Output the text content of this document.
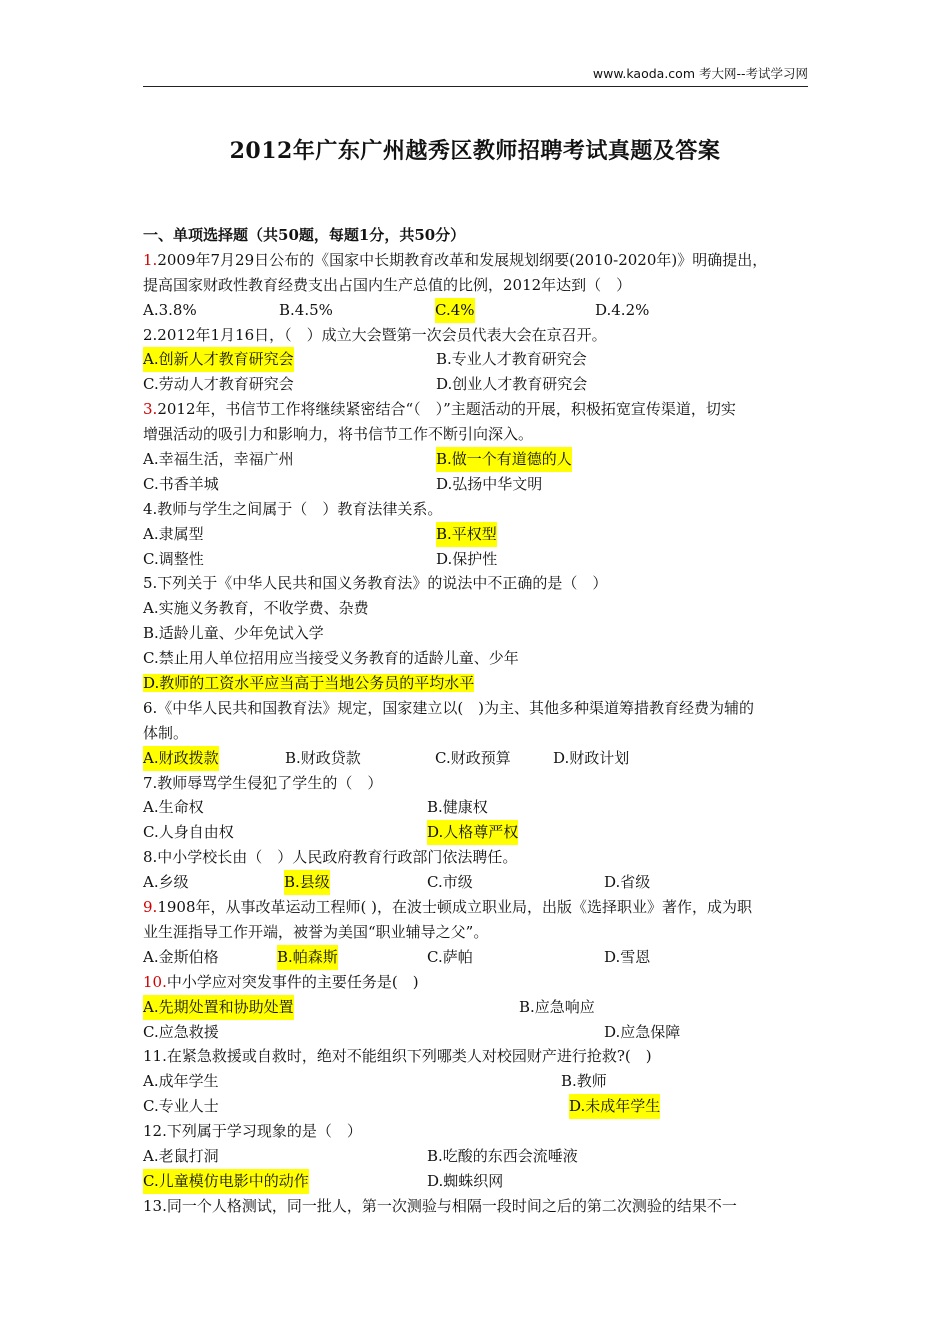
www.kaoda.com 考大网--考试学习网
2012年广东广州越秀区教师招聘考试真题及答案
一、单项选择题（共50题，每题1分，共50分）
1.2009年7月29日公布的《国家中长期教育改革和发展规划纲要(2010-2020年)》明确提出，
提高国家财政性教育经费支出占国内生产总值的比例，2012年达到（　）
A.3.8%	B.4.5%	C.4%	D.4.2%
2.2012年1月16日，（　）成立大会暨第一次会员代表大会在京召开。
A.创新人才教育研究会	B.专业人才教育研究会
C.劳动人才教育研究会	D.创业人才教育研究会
3.2012年，书信节工作将继续紧密结合“（　）”主题活动的开展，积极拓宽宣传渠道，切实
增强活动的吸引力和影响力，将书信节工作不断引向深入。
A.幸福生活，幸福广州	B.做一个有道德的人
C.书香羊城	D.弘扬中华文明
4.教师与学生之间属于（　）教育法律关系。
A.隶属型	B.平权型
C.调整性	D.保护性
5.下列关于《中华人民共和国义务教育法》的说法中不正确的是（　）
A.实施义务教育，不收学费、杂费
B.适龄儿童、少年免试入学
C.禁止用人单位招用应当接受义务教育的适龄儿童、少年
D.教师的工资水平应当高于当地公务员的平均水平
6.《中华人民共和国教育法》规定，国家建立以(　)为主、其他多种渠道筹措教育经费为辅的
体制。
A.财政拨款	B.财政贷款	C.财政预算	D.财政计划
7.教师辱骂学生侵犯了学生的（　）
A.生命权	B.健康权
C.人身自由权	D.人格尊严权
8.中小学校长由（　）人民政府教育行政部门依法聘任。
A.乡级	B.县级	C.市级	D.省级
9.1908年，从事改革运动工程师( )，在波士顿成立职业局，出版《选择职业》著作，成为职
业生涯指导工作开端，被誉为美国“职业辅导之父”。
A.金斯伯格	B.帕森斯	C.萨帕	D.雪恩
10.中小学应对突发事件的主要任务是(　)
A.先期处置和协助处置	B.应急响应
C.应急救援	D.应急保障
11.在紧急救援或自救时，绝对不能组织下列哪类人对校园财产进行抢救?(　)
A.成年学生	B.教师
C.专业人士	D.未成年学生
12.下列属于学习现象的是（　）
A.老鼠打洞	B.吃酸的东西会流唾液
C.儿童模仿电影中的动作	D.蜘蛛织网
13.同一个人格测试，同一批人，第一次测验与相隔一段时间之后的第二次测验的结果不一
